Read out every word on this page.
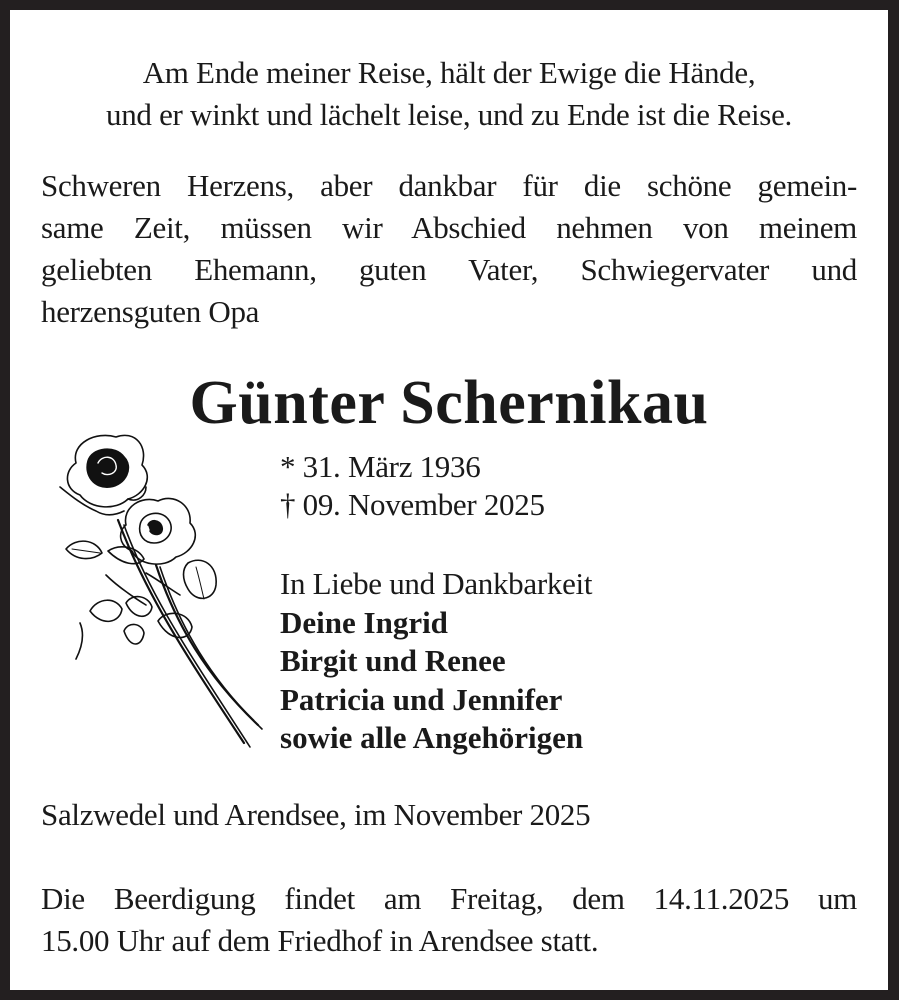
Am Ende meiner Reise, hält der Ewige die Hände,
und er winkt und lächelt leise, und zu Ende ist die Reise.
Schweren Herzens, aber dankbar für die schöne gemein-
same Zeit, müssen wir Abschied nehmen von meinem
geliebten Ehemann, guten Vater, Schwiegervater und
herzensguten Opa
Günter Schernikau
* 31. März 1936
† 09. November 2025
In Liebe und Dankbarkeit
Deine Ingrid
Birgit und Renee
Patricia und Jennifer
sowie alle Angehörigen
Salzwedel und Arendsee, im November 2025
Die Beerdigung findet am Freitag, dem 14.11.2025 um
15.00 Uhr auf dem Friedhof in Arendsee statt.
